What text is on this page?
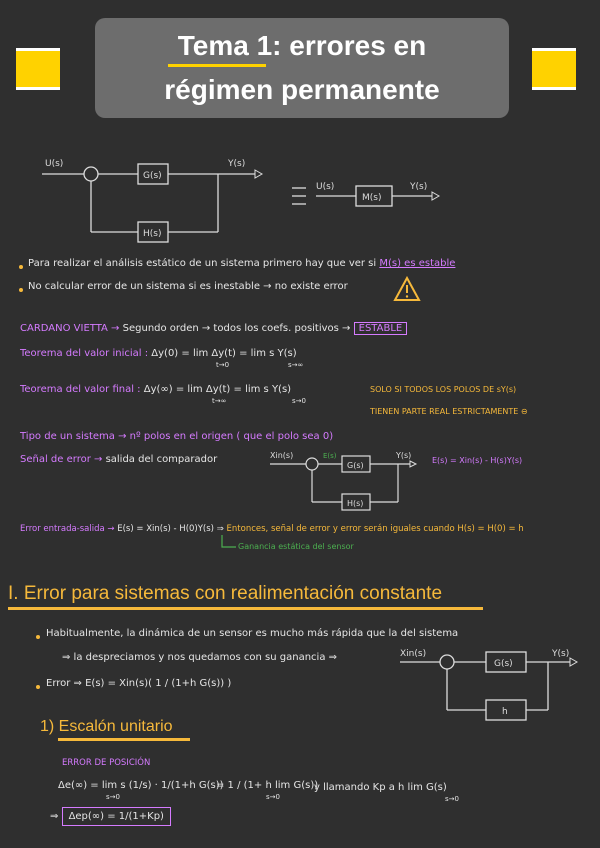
Tema 1: errores en
régimen permanente
U(s)
G(s)
Y(s)
H(s)
U(s)
M(s)
Y(s)
Para realizar el análisis estático de un sistema primero hay que ver si M(s) es estable
No calcular error de un sistema si es inestable → no existe error
CARDANO VIETTA → Segundo orden → todos los coefs. positivos → ESTABLE
Teorema del valor inicial : Δy(0) = lim Δy(t) = lim s Y(s)
t→0	s→∞
Teorema del valor final : Δy(∞) = lim Δy(t) = lim s Y(s)
t→∞	s→0
SOLO SI TODOS LOS POLOS DE sY(s)
TIENEN PARTE REAL ESTRICTAMENTE ⊖
Tipo de un sistema → nº polos en el origen ( que el polo sea 0)
Señal de error → salida del comparador	Xin(s)	E(s)
G(s)
Y(s)
H(s)
E(s) = Xin(s) - H(s)Y(s)
Error entrada-salida → E(s) = Xin(s) - H(0)Y(s) ⇒ Entonces, señal de error y error serán iguales cuando H(s) = H(0) = h
Ganancia estática del sensor
I. Error para sistemas con realimentación constante
Habitualmente, la dinámica de un sensor es mucho más rápida que la del sistema
⇒ la despreciamos y nos quedamos con su ganancia ⇒
Error ⇒ E(s) = Xin(s)( 1 / (1+h G(s)) )
Xin(s)
G(s)
Y(s)
h
1) Escalón unitario
ERROR DE POSICIÓN
Δe(∞) = lim s (1/s) · 1/(1+h G(s))
s→0
= 1 / (1+ h lim G(s))
s→0
y llamando Kp a h lim G(s)
s→0
⇒ Δep(∞) = 1/(1+Kp)
